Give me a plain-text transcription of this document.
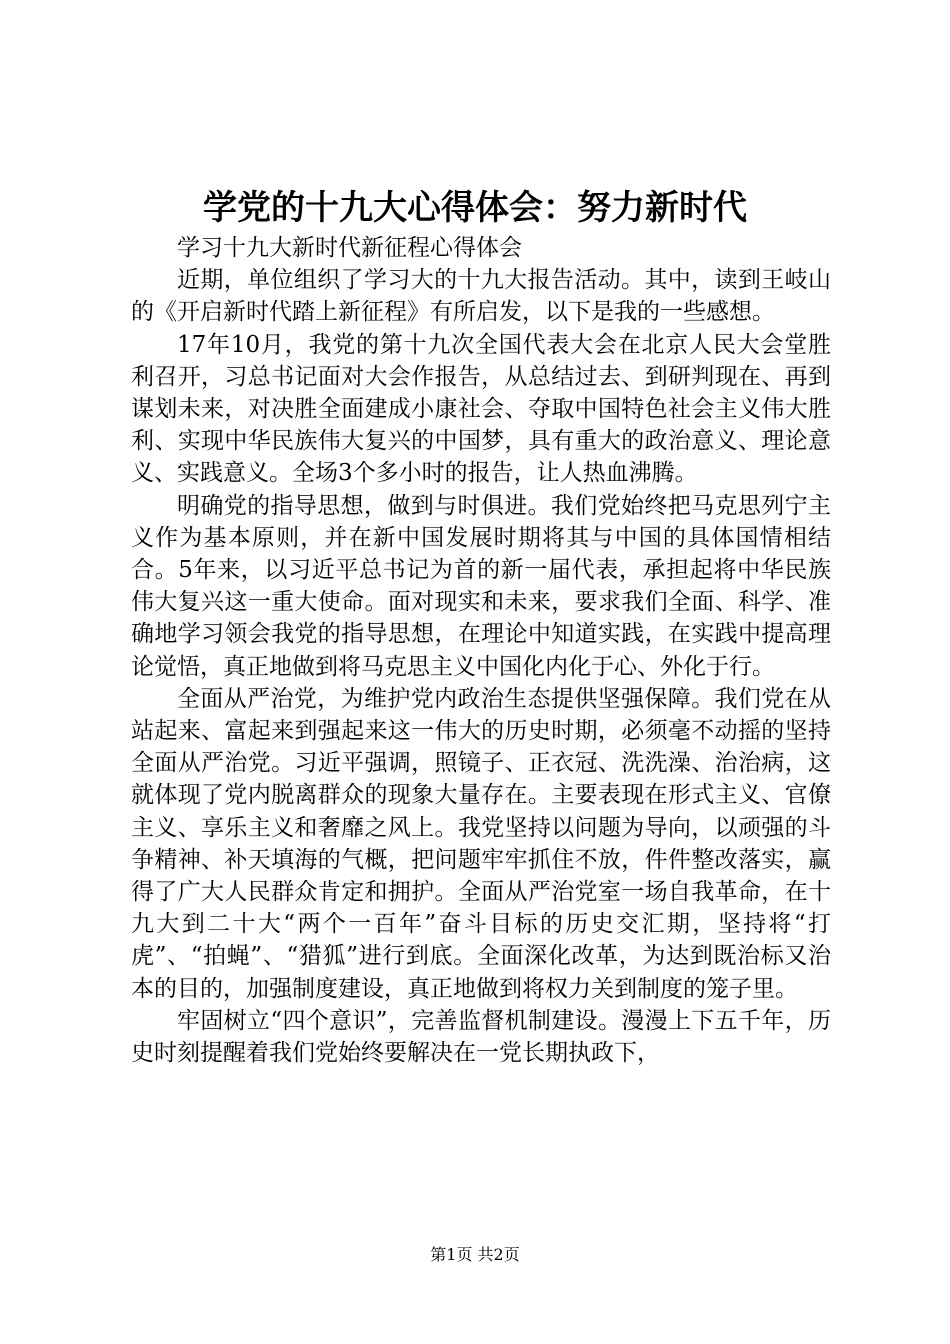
学党的十九大心得体会：努力新时代

学习十九大新时代新征程心得体会

近期，单位组织了学习大的十九大报告活动。其中，读到王岐山的《开启新时代踏上新征程》有所启发，以下是我的一些感想。

17年10月，我党的第十九次全国代表大会在北京人民大会堂胜利召开，习总书记面对大会作报告，从总结过去、到研判现在、再到谋划未来，对决胜全面建成小康社会、夺取中国特色社会主义伟大胜利、实现中华民族伟大复兴的中国梦，具有重大的政治意义、理论意义、实践意义。全场3个多小时的报告，让人热血沸腾。

明确党的指导思想，做到与时俱进。我们党始终把马克思列宁主义作为基本原则，并在新中国发展时期将其与中国的具体国情相结合。5年来，以习近平总书记为首的新一届代表，承担起将中华民族伟大复兴这一重大使命。面对现实和未来，要求我们全面、科学、准确地学习领会我党的指导思想，在理论中知道实践，在实践中提高理论觉悟，真正地做到将马克思主义中国化内化于心、外化于行。

全面从严治党，为维护党内政治生态提供坚强保障。我们党在从站起来、富起来到强起来这一伟大的历史时期，必须毫不动摇的坚持全面从严治党。习近平强调，照镜子、正衣冠、洗洗澡、治治病，这就体现了党内脱离群众的现象大量存在。主要表现在形式主义、官僚主义、享乐主义和奢靡之风上。我党坚持以问题为导向，以顽强的斗争精神、补天填海的气概，把问题牢牢抓住不放，件件整改落实，赢得了广大人民群众肯定和拥护。全面从严治党室一场自我革命，在十九大到二十大“两个一百年”奋斗目标的历史交汇期，坚持将“打虎”、“拍蝇”、“猎狐”进行到底。全面深化改革，为达到既治标又治本的目的，加强制度建设，真正地做到将权力关到制度的笼子里。

牢固树立“四个意识”，完善监督机制建设。漫漫上下五千年，历史时刻提醒着我们党始终要解决在一党长期执政下，

第1页 共2页
